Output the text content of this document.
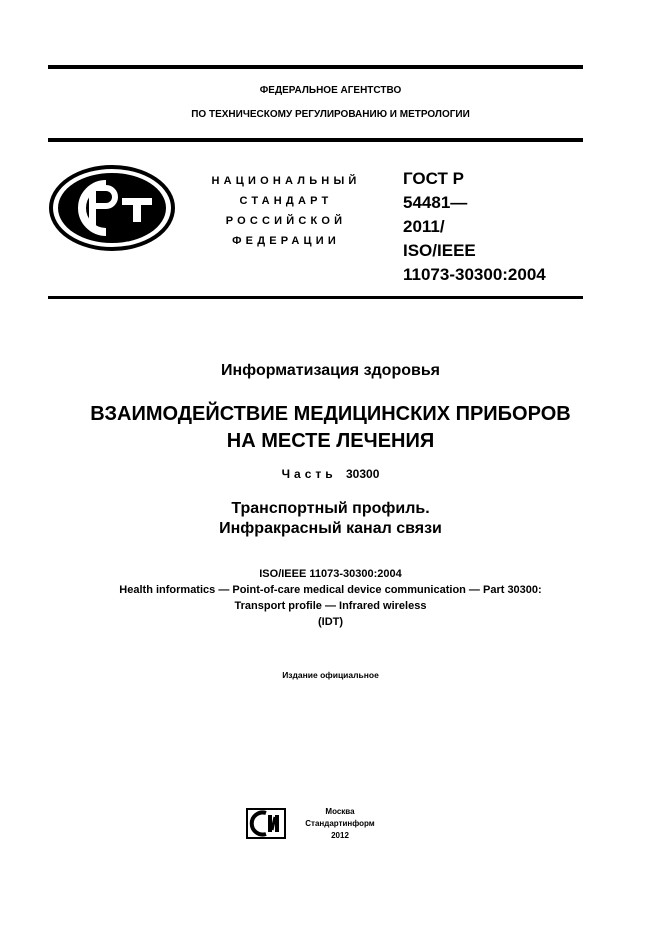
ФЕДЕРАЛЬНОЕ АГЕНТСТВО
ПО ТЕХНИЧЕСКОМУ РЕГУЛИРОВАНИЮ И МЕТРОЛОГИИ
НАЦИОНАЛЬНЫЙ
СТАНДАРТ
РОССИЙСКОЙ
ФЕДЕРАЦИИ
ГОСТ Р
54481—
2011/
ISO/IEEE
11073-30300:2004
Информатизация здоровья
ВЗАИМОДЕЙСТВИЕ МЕДИЦИНСКИХ ПРИБОРОВ
НА МЕСТЕ ЛЕЧЕНИЯ
Часть 30300
Транспортный профиль.
Инфракрасный канал связи
ISO/IEEE 11073-30300:2004
Health informatics — Point-of-care medical device communication — Part 30300:
Transport profile — Infrared wireless
(IDT)
Издание официальное
Москва
Стандартинформ
2012
